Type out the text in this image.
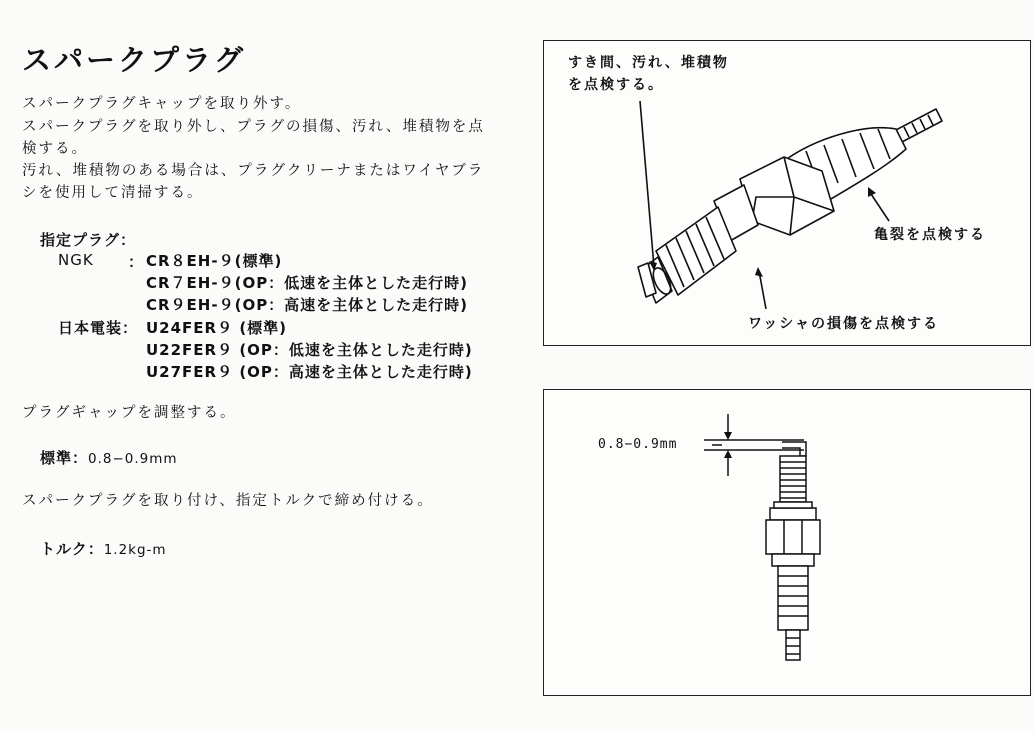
スパークプラグ
スパークプラグキャップを取り外す。
スパークプラグを取り外し、プラグの損傷、汚れ、堆積物を点
検する。
汚れ、堆積物のある場合は、プラグクリーナまたはワイヤブラ
シを使用して清掃する。
指定プラグ：
NGK ： CR８EH-９(標準)
CR７EH-９(OP：低速を主体とした走行時)
CR９EH-９(OP：高速を主体とした走行時)
日本電装： U24FER９ (標準)
U22FER９ (OP：低速を主体とした走行時)
U27FER９ (OP：高速を主体とした走行時)
プラグギャップを調整する。
標準：0.8−0.9mm
スパークプラグを取り付け、指定トルクで締め付ける。
トルク：1.2kg-m
すき間、汚れ、堆積物
を点検する。
亀裂を点検する
ワッシャの損傷を点検する
0.8−0.9mm
